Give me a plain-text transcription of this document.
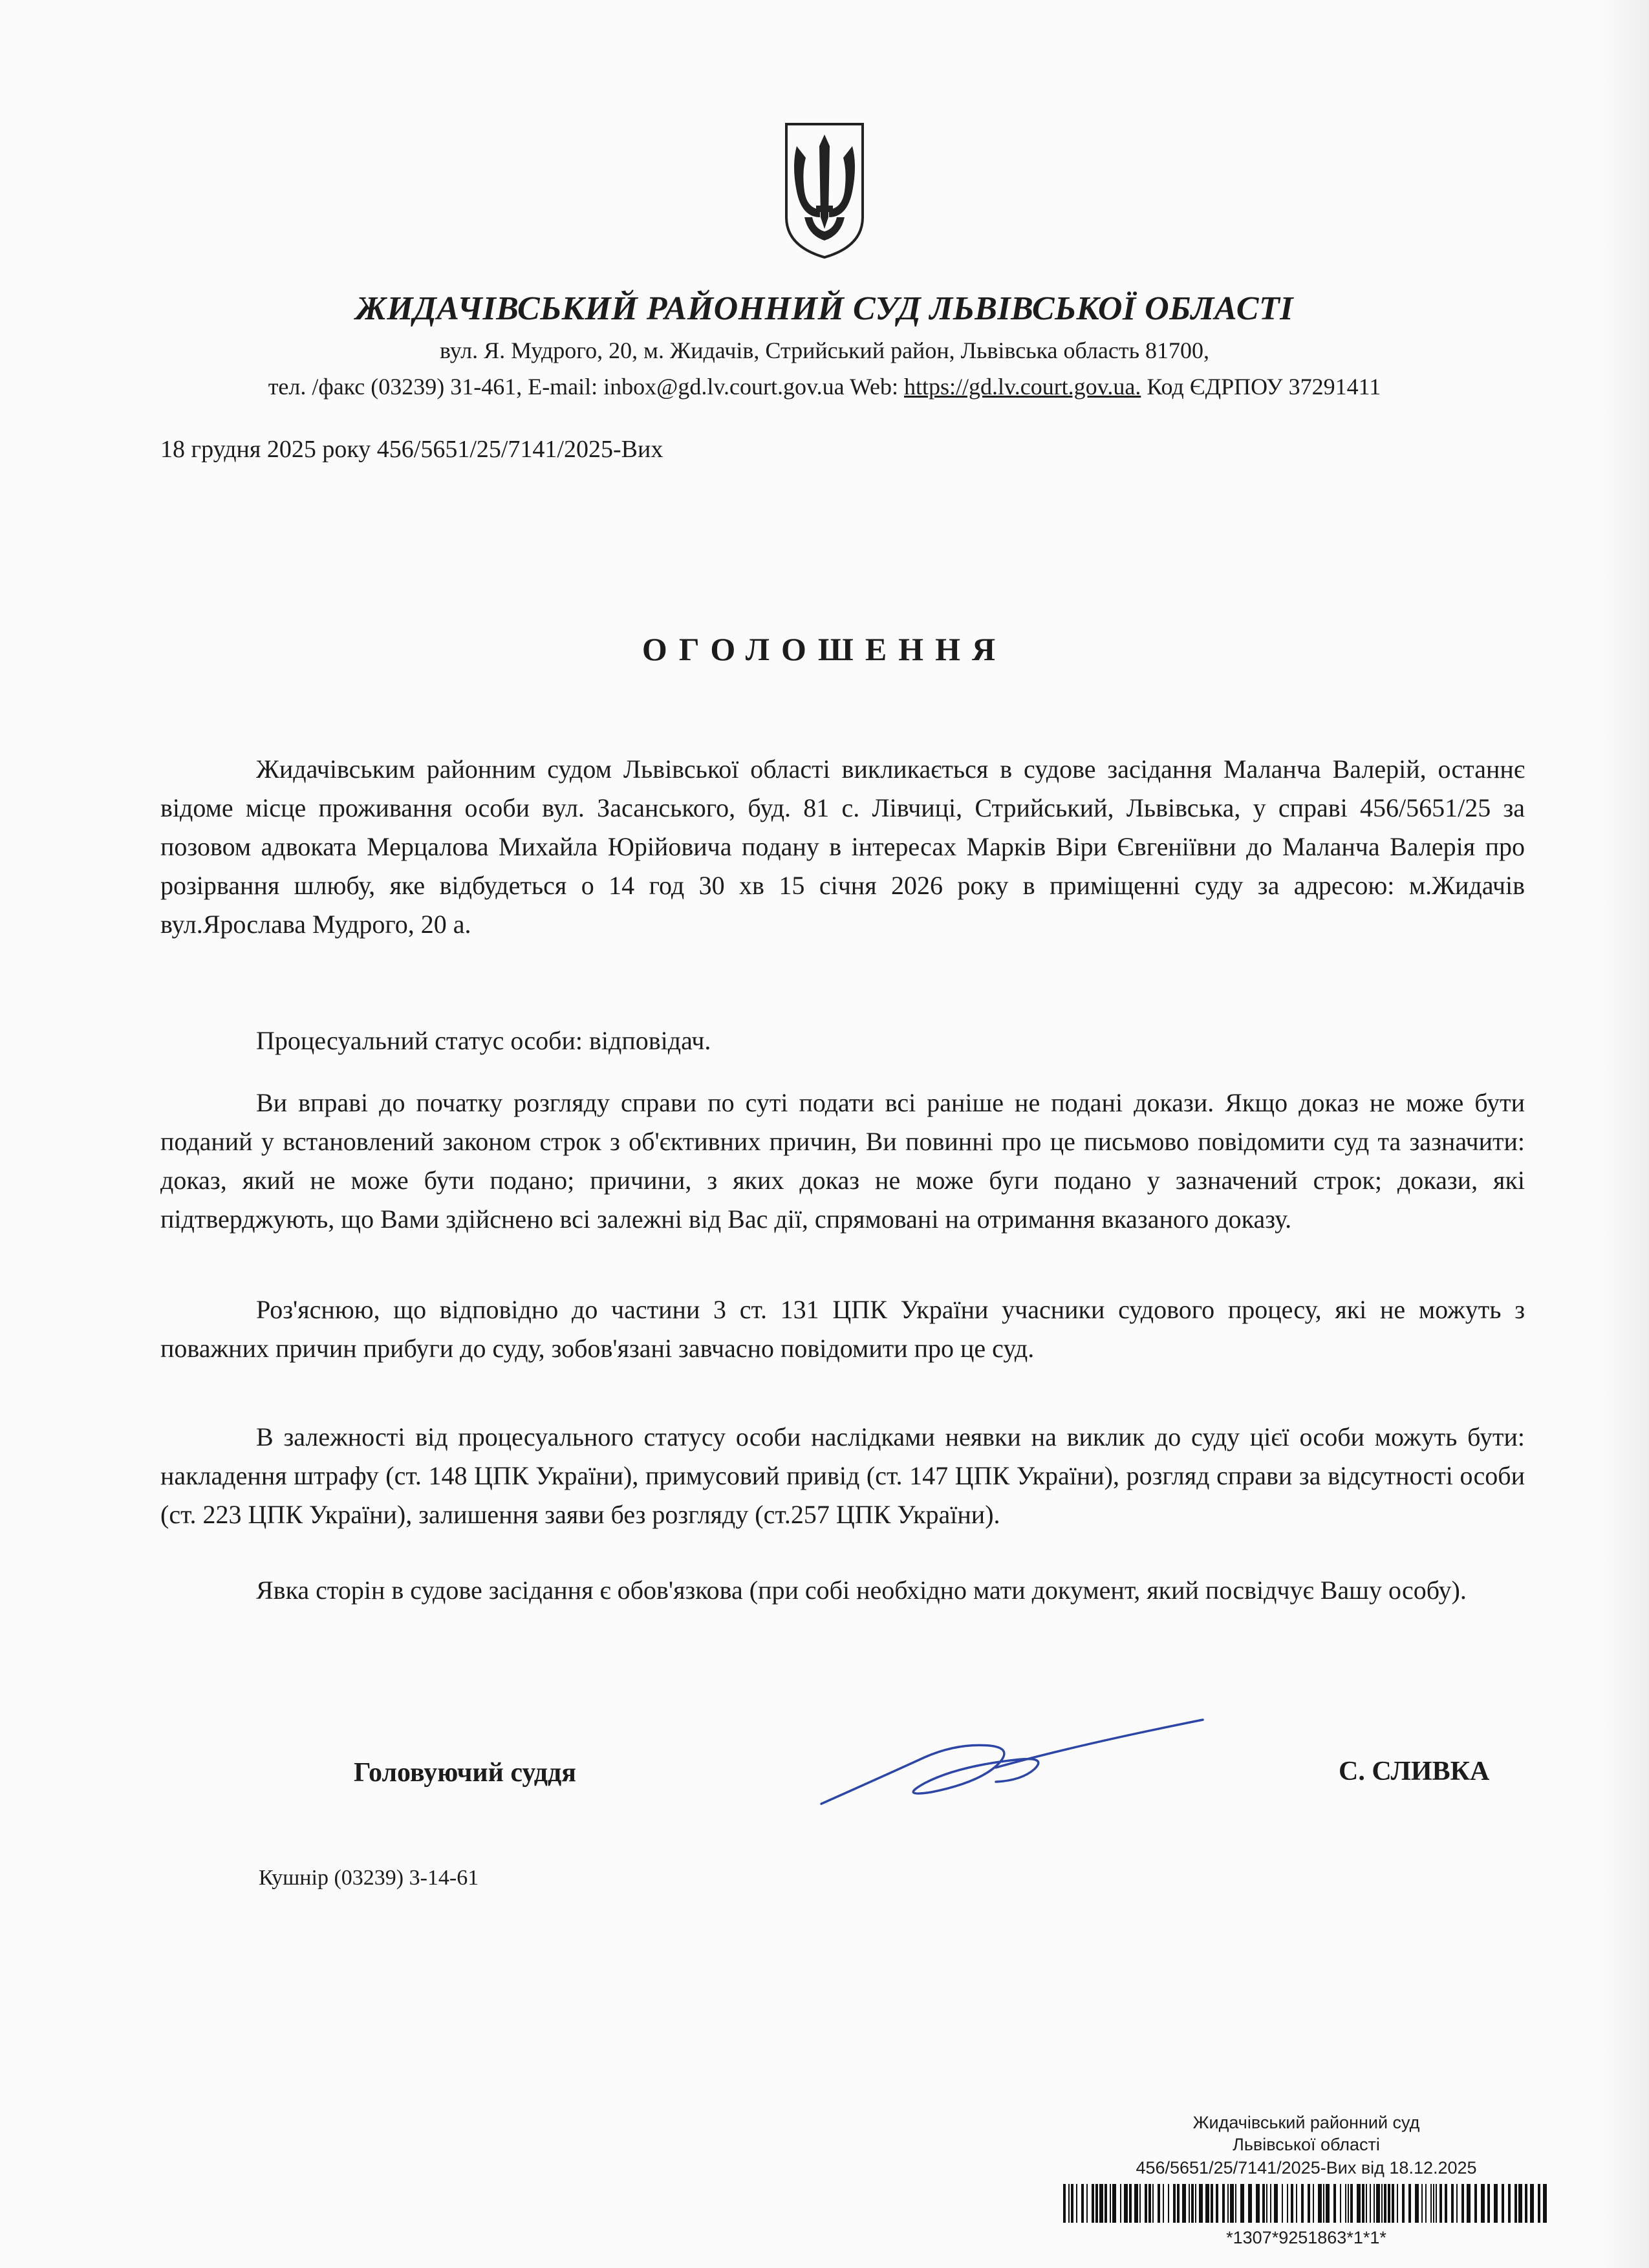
ЖИДАЧІВСЬКИЙ РАЙОННИЙ СУД ЛЬВІВСЬКОЇ ОБЛАСТІ
вул. Я. Мудрого, 20, м. Жидачів, Стрийський район, Львівська область 81700,
тел. /факс (03239) 31-461, E-mail: inbox@gd.lv.court.gov.ua Web: https://gd.lv.court.gov.ua. Код ЄДРПОУ 37291411
18 грудня 2025 року 456/5651/25/7141/2025-Вих
ОГОЛОШЕННЯ

Жидачівським районним судом Львівської області викликається в судове засідання Маланча Валерій, останнє відоме місце проживання особи вул. Засанського, буд. 81 с. Лівчиці, Стрийський, Львівська, у справі 456/5651/25 за позовом адвоката Мерцалова Михайла Юрійовича подану в інтересах Марків Віри Євгеніївни до Маланча Валерія про розірвання шлюбу, яке відбудеться о 14 год 30 хв 15 січня 2026 року в приміщенні суду за адресою: м.Жидачів вул.Ярослава Мудрого, 20 а.

Процесуальний статус особи: відповідач.

Ви вправі до початку розгляду справи по суті подати всі раніше не подані докази. Якщо доказ не може бути поданий у встановлений законом строк з об'єктивних причин, Ви повинні про це письмово повідомити суд та зазначити: доказ, який не може бути подано; причини, з яких доказ не може буги подано у зазначений строк; докази, які підтверджують, що Вами здійснено всі залежні від Вас дії, спрямовані на отримання вказаного доказу.

Роз'яснюю, що відповідно до частини 3 ст. 131 ЦПК України учасники судового процесу, які не можуть з поважних причин прибуги до суду, зобов'язані завчасно повідомити про це суд.

В залежності від процесуального статусу особи наслідками неявки на виклик до суду цієї особи можуть бути: накладення штрафу (ст. 148 ЦПК України), примусовий привід (ст. 147 ЦПК України), розгляд справи за відсутності особи (ст. 223 ЦПК України), залишення заяви без розгляду (ст.257 ЦПК України).

Явка сторін в судове засідання є обов'язкова (при собі необхідно мати документ, який посвідчує Вашу особу).

Головуючий суддя	С. СЛИВКА
Кушнір (03239) 3-14-61
Жидачівський районний суд
Львівської області
456/5651/25/7141/2025-Вих від 18.12.2025
*1307*9251863*1*1*
